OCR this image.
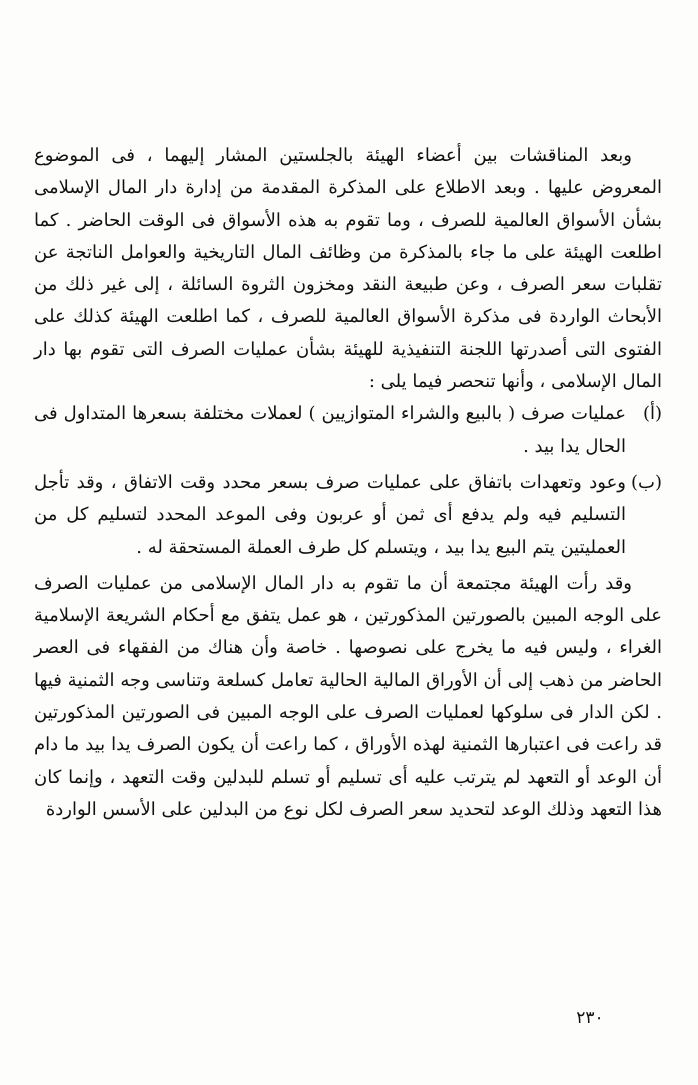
وبعد المناقشات بين أعضاء الهيئة بالجلستين المشار إليهما ، فى الموضوع المعروض عليها . وبعد الاطلاع على المذكرة المقدمة من إدارة دار المال الإسلامى بشأن الأسواق العالمية للصرف ، وما تقوم به هذه الأسواق فى الوقت الحاضر . كما اطلعت الهيئة على ما جاء بالمذكرة من وظائف المال التاريخية والعوامل الناتجة عن تقلبات سعر الصرف ، وعن طبيعة النقد ومخزون الثروة السائلة ، إلى غير ذلك من الأبحاث الواردة فى مذكرة الأسواق العالمية للصرف ، كما اطلعت الهيئة كذلك على الفتوى التى أصدرتها اللجنة التنفيذية للهيئة بشأن عمليات الصرف التى تقوم بها دار المال الإسلامى ، وأنها تنحصر فيما يلى :

(أ)
عمليات صرف ( بالبيع والشراء المتوازيين ) لعملات مختلفة بسعرها المتداول فى الحال يدا بيد .
(ب)
وعود وتعهدات باتفاق على عمليات صرف بسعر محدد وقت الاتفاق ، وقد تأجل التسليم فيه ولم يدفع أى ثمن أو عربون وفى الموعد المحدد لتسليم كل من العمليتين يتم البيع يدا بيد ، ويتسلم كل طرف العملة المستحقة له .

وقد رأت الهيئة مجتمعة أن ما تقوم به دار المال الإسلامى من عمليات الصرف على الوجه المبين بالصورتين المذكورتين ، هو عمل يتفق مع أحكام الشريعة الإسلامية الغراء ، وليس فيه ما يخرج على نصوصها . خاصة وأن هناك من الفقهاء فى العصر الحاضر من ذهب إلى أن الأوراق المالية الحالية تعامل كسلعة وتناسى وجه الثمنية فيها . لكن الدار فى سلوكها لعمليات الصرف على الوجه المبين فى الصورتين المذكورتين قد راعت فى اعتبارها الثمنية لهذه الأوراق ، كما راعت أن يكون الصرف يدا بيد ما دام أن الوعد أو التعهد لم يترتب عليه أى تسليم أو تسلم للبدلين وقت التعهد ، وإنما كان هذا التعهد وذلك الوعد لتحديد سعر الصرف لكل نوع من البدلين على الأسس الواردة

٢٣٠
